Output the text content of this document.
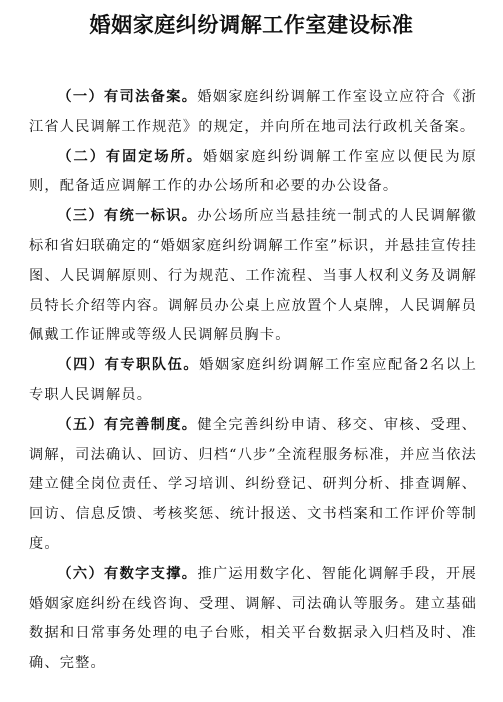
婚姻家庭纠纷调解工作室建设标准

（一）有司法备案。婚姻家庭纠纷调解工作室设立应符合《浙江省人民调解工作规范》的规定，并向所在地司法行政机关备案。

（二）有固定场所。婚姻家庭纠纷调解工作室应以便民为原则，配备适应调解工作的办公场所和必要的办公设备。

（三）有统一标识。办公场所应当悬挂统一制式的人民调解徽标和省妇联确定的“婚姻家庭纠纷调解工作室”标识，并悬挂宣传挂图、人民调解原则、行为规范、工作流程、当事人权利义务及调解员特长介绍等内容。调解员办公桌上应放置个人桌牌，人民调解员佩戴工作证牌或等级人民调解员胸卡。

（四）有专职队伍。婚姻家庭纠纷调解工作室应配备2名以上专职人民调解员。

（五）有完善制度。健全完善纠纷申请、移交、审核、受理、调解，司法确认、回访、归档“八步”全流程服务标准，并应当依法建立健全岗位责任、学习培训、纠纷登记、研判分析、排查调解、回访、信息反馈、考核奖惩、统计报送、文书档案和工作评价等制度。

（六）有数字支撑。推广运用数字化、智能化调解手段，开展婚姻家庭纠纷在线咨询、受理、调解、司法确认等服务。建立基础数据和日常事务处理的电子台账，相关平台数据录入归档及时、准确、完整。
